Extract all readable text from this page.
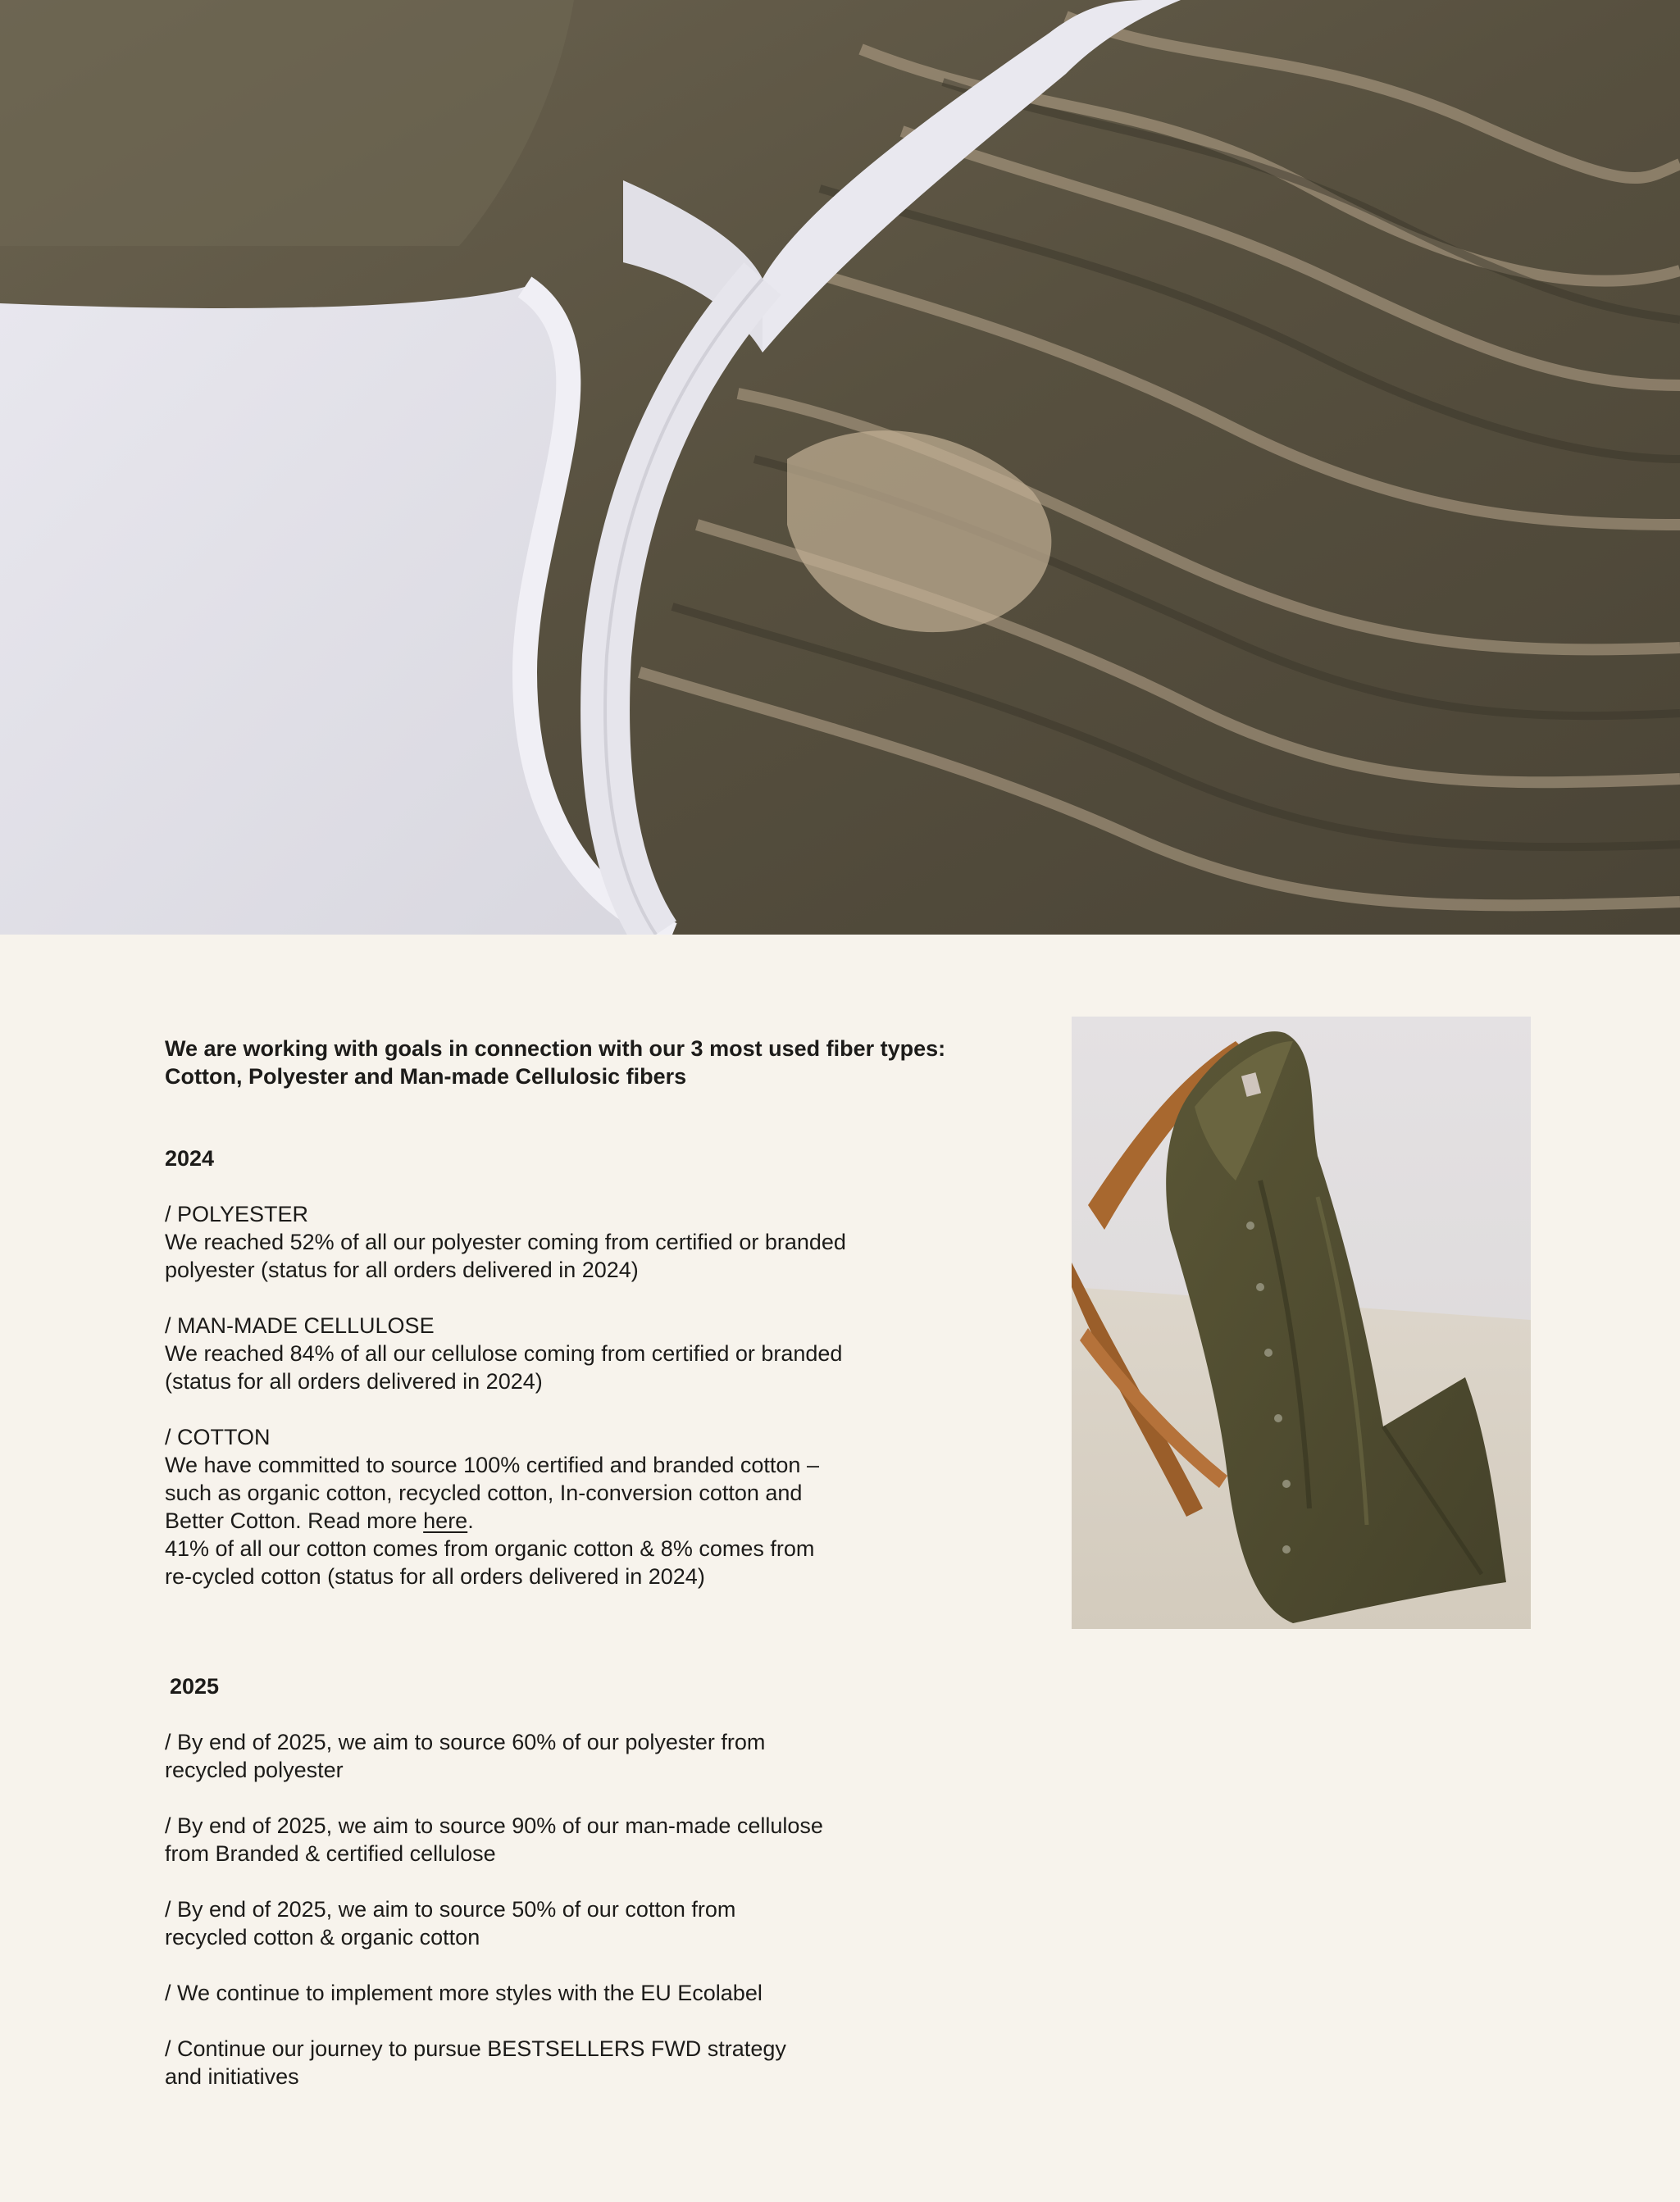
We are working with goals in connection with our 3 most used fiber types:
Cotton, Polyester and Man-made Cellulosic fibers

2024

/ POLYESTER

We reached 52% of all our polyester coming from certified or branded

polyester (status for all orders delivered in 2024)

/ MAN-MADE CELLULOSE

We reached 84% of all our cellulose coming from certified or branded

(status for all orders delivered in 2024)

/ COTTON

We have committed to source 100% certified and branded cotton –

such as organic cotton, recycled cotton, In-conversion cotton and

Better Cotton. Read more here.

41% of all our cotton comes from organic cotton & 8% comes from

re-cycled cotton (status for all orders delivered in 2024)

2025

/ By end of 2025, we aim to source 60% of our polyester from

recycled polyester

/ By end of 2025, we aim to source 90% of our man-made cellulose

from Branded & certified cellulose

/ By end of 2025, we aim to source 50% of our cotton from

recycled cotton & organic cotton

/ We continue to implement more styles with the EU Ecolabel

/ Continue our journey to pursue BESTSELLERS FWD strategy

and initiatives
